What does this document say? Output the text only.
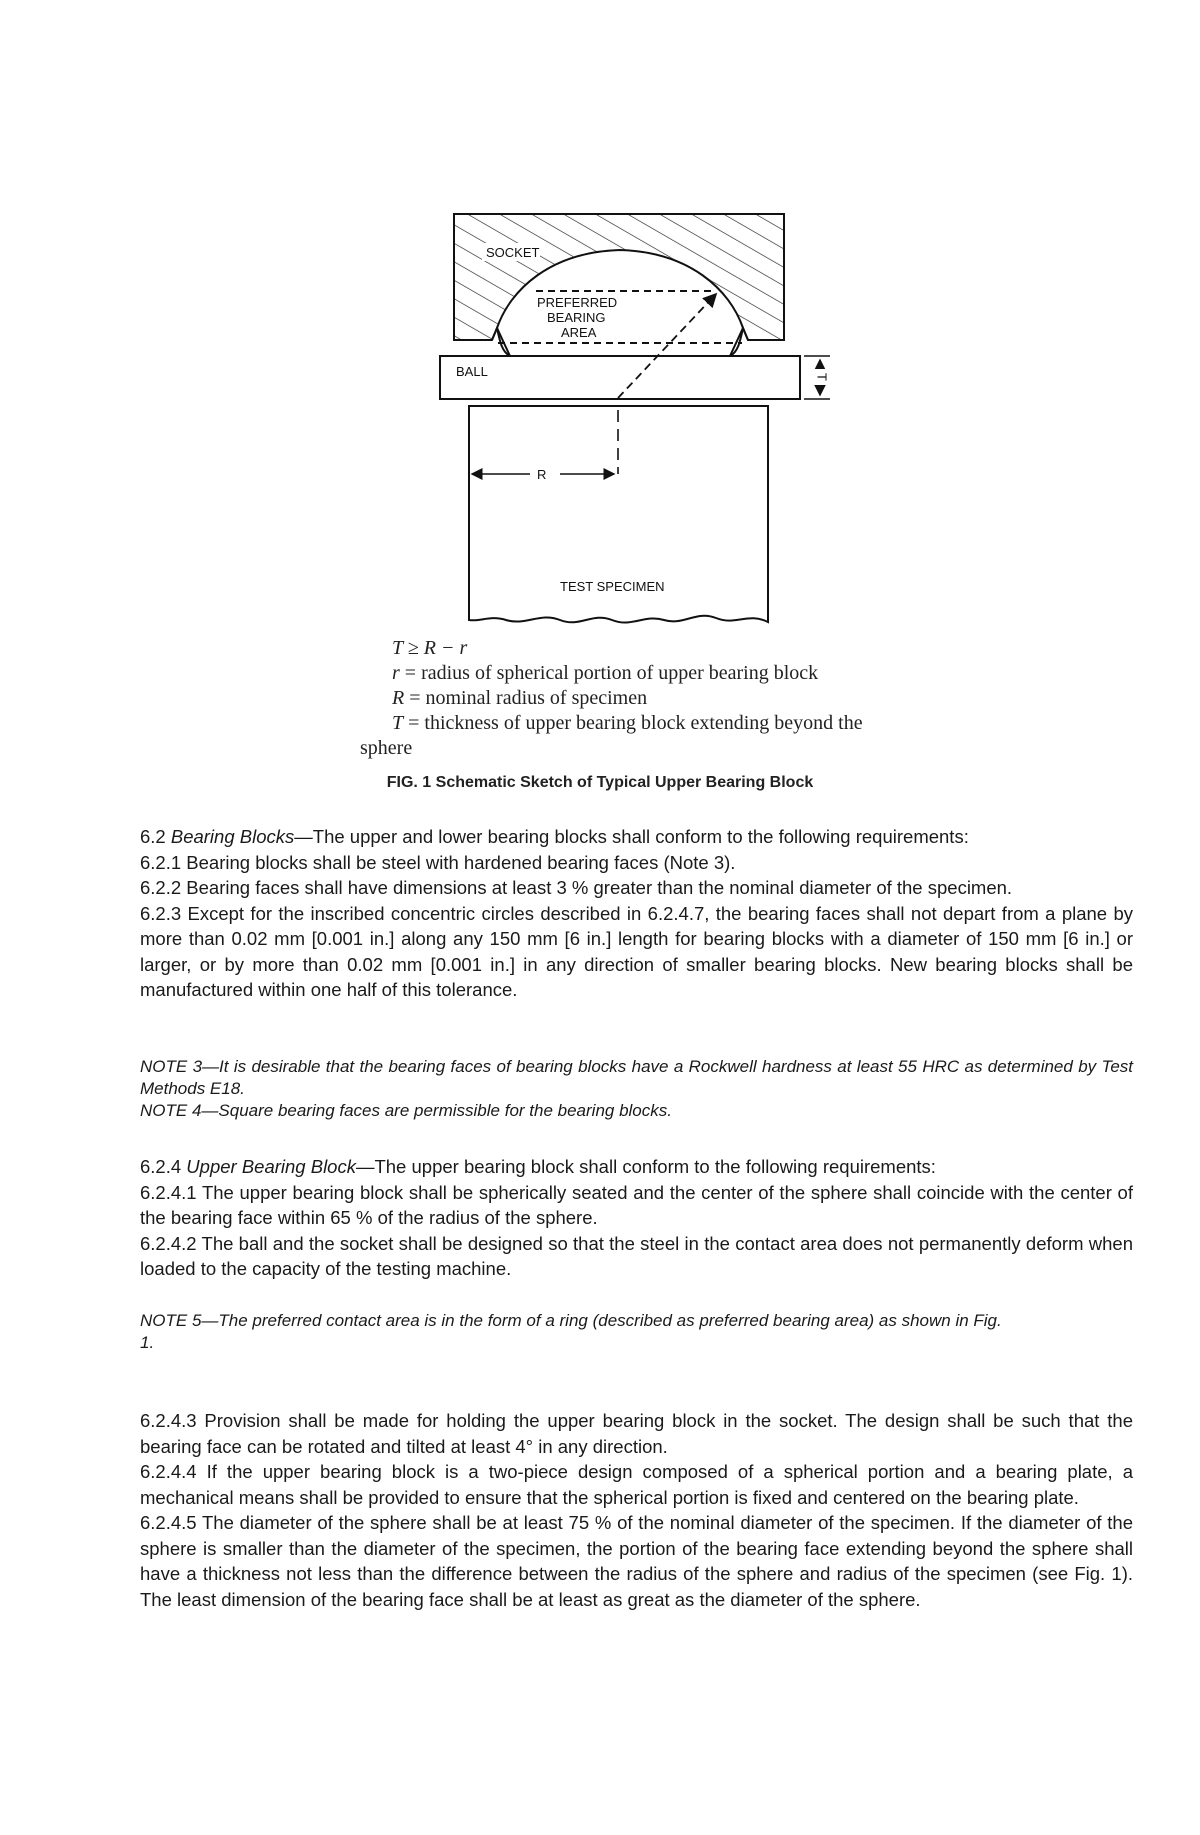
SOCKET
PREFERRED
BEARING
AREA
BALL	T
R
TEST SPECIMEN
T ≥ R − r
r = radius of spherical portion of upper bearing block
R = nominal radius of specimen
T = thickness of upper bearing block extending beyond the
sphere
FIG. 1 Schematic Sketch of Typical Upper Bearing Block

6.2 Bearing Blocks—The upper and lower bearing blocks shall conform to the following requirements:

6.2.1 Bearing blocks shall be steel with hardened bearing faces (Note 3).

6.2.2 Bearing faces shall have dimensions at least 3 % greater than the nominal diameter of the specimen.

6.2.3 Except for the inscribed concentric circles described in 6.2.4.7, the bearing faces shall not depart from a plane by more than 0.02 mm [0.001 in.] along any 150 mm [6 in.] length for bearing blocks with a diameter of 150 mm [6 in.] or larger, or by more than 0.02 mm [0.001 in.] in any direction of smaller bearing blocks. New bearing blocks shall be manufactured within one half of this tolerance.

NOTE 3—It is desirable that the bearing faces of bearing blocks have a Rockwell hardness at least 55 HRC as determined by Test Methods E18.

NOTE 4—Square bearing faces are permissible for the bearing blocks.

6.2.4 Upper Bearing Block—The upper bearing block shall conform to the following requirements:

6.2.4.1 The upper bearing block shall be spherically seated and the center of the sphere shall coincide with the center of the bearing face within 65 % of the radius of the sphere.

6.2.4.2 The ball and the socket shall be designed so that the steel in the contact area does not permanently deform when loaded to the capacity of the testing machine.

NOTE 5—The preferred contact area is in the form of a ring (described as preferred bearing area) as shown in Fig.

1.

6.2.4.3 Provision shall be made for holding the upper bearing block in the socket. The design shall be such that the bearing face can be rotated and tilted at least 4° in any direction.

6.2.4.4 If the upper bearing block is a two-piece design composed of a spherical portion and a bearing plate, a mechanical means shall be provided to ensure that the spherical portion is fixed and centered on the bearing plate.

6.2.4.5 The diameter of the sphere shall be at least 75 % of the nominal diameter of the specimen. If the diameter of the sphere is smaller than the diameter of the specimen, the portion of the bearing face extending beyond the sphere shall have a thickness not less than the difference between the radius of the sphere and radius of the specimen (see Fig. 1). The least dimension of the bearing face shall be at least as great as the diameter of the sphere.
